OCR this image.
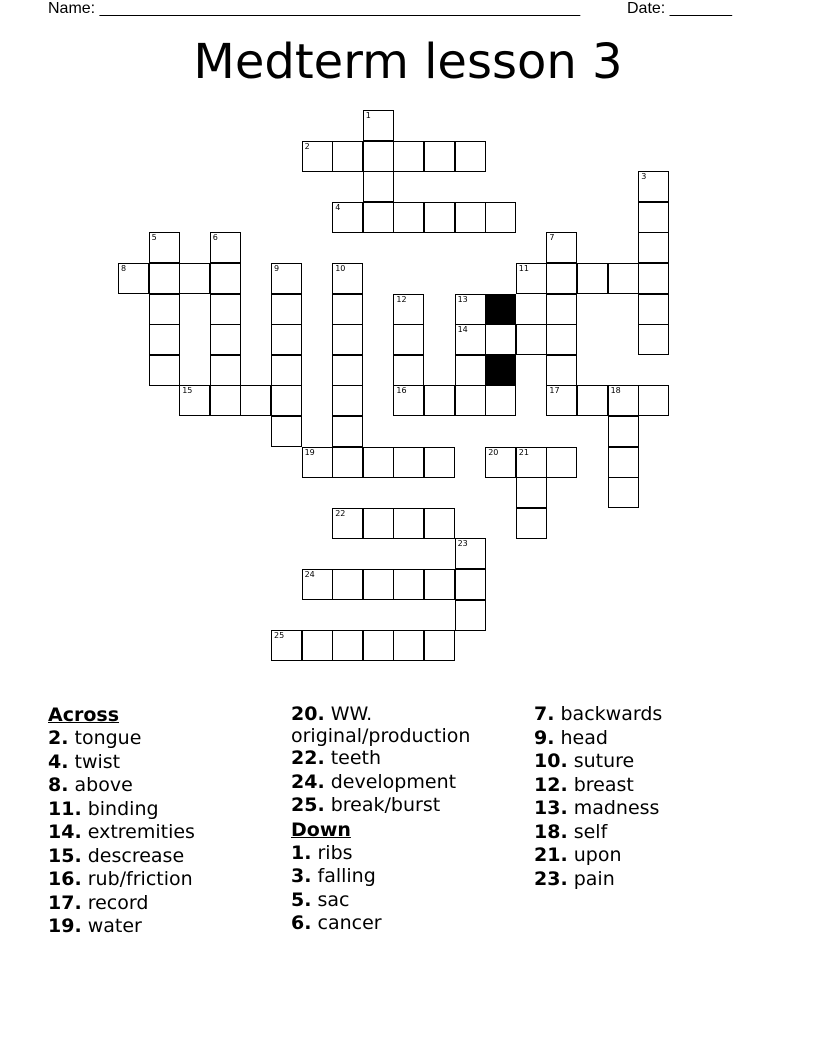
Name: ______________________________________________________	Date: _______
Medterm lesson 3
1
2
3
4
5	6	7
8	9	10	11
12	13
14
15	16	17	18
19	20	21
22
23
24
25
Across
2. tongue
4. twist
8. above
11. binding
14. extremities
15. descrease
16. rub/friction
17. record
19. water
20. WW. original/production
22. teeth
24. development
25. break/burst
Down
1. ribs
3. falling
5. sac
6. cancer
7. backwards
9. head
10. suture
12. breast
13. madness
18. self
21. upon
23. pain
